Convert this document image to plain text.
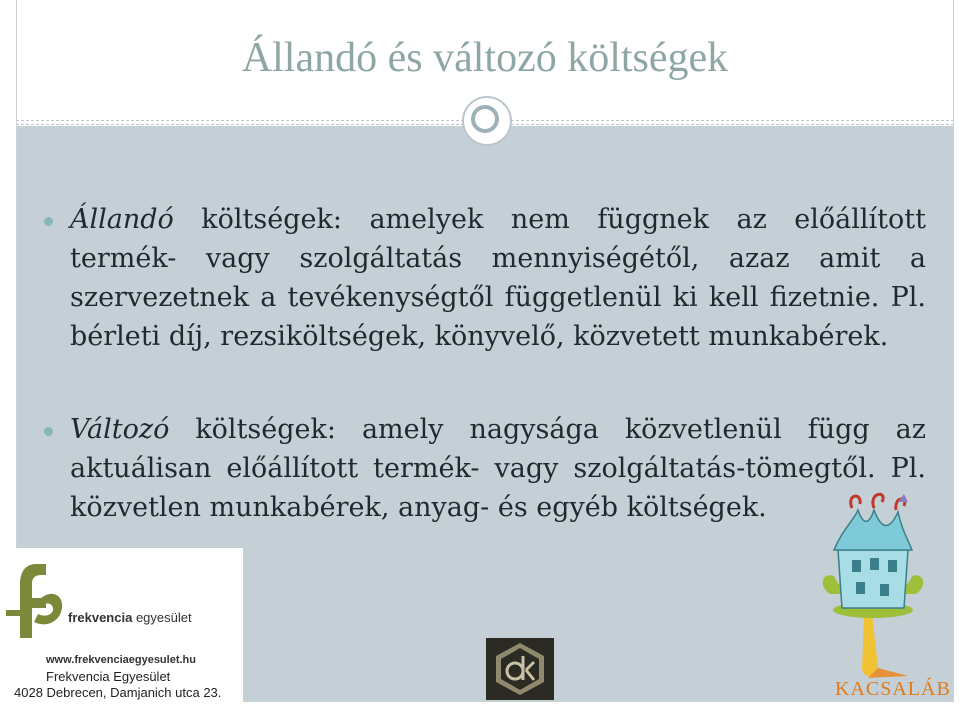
Állandó és változó költségek
Állandó költségek: amelyek nem függnek az előállított termék- vagy szolgáltatás mennyiségétől, azaz amit a szervezetnek a tevékenységtől függetlenül ki kell fizetnie. Pl. bérleti díj, rezsiköltségek, könyvelő, közvetett munkabérek.
Változó költségek: amely nagysága közvetlenül függ az aktuálisan előállított termék- vagy szolgáltatás-tömegtől. Pl. közvetlen munkabérek, anyag- és egyéb költségek.
frekvencia egyesület
www.frekvenciaegyesulet.hu
Frekvencia Egyesület
4028 Debrecen, Damjanich utca 23.	KACSALÁB
